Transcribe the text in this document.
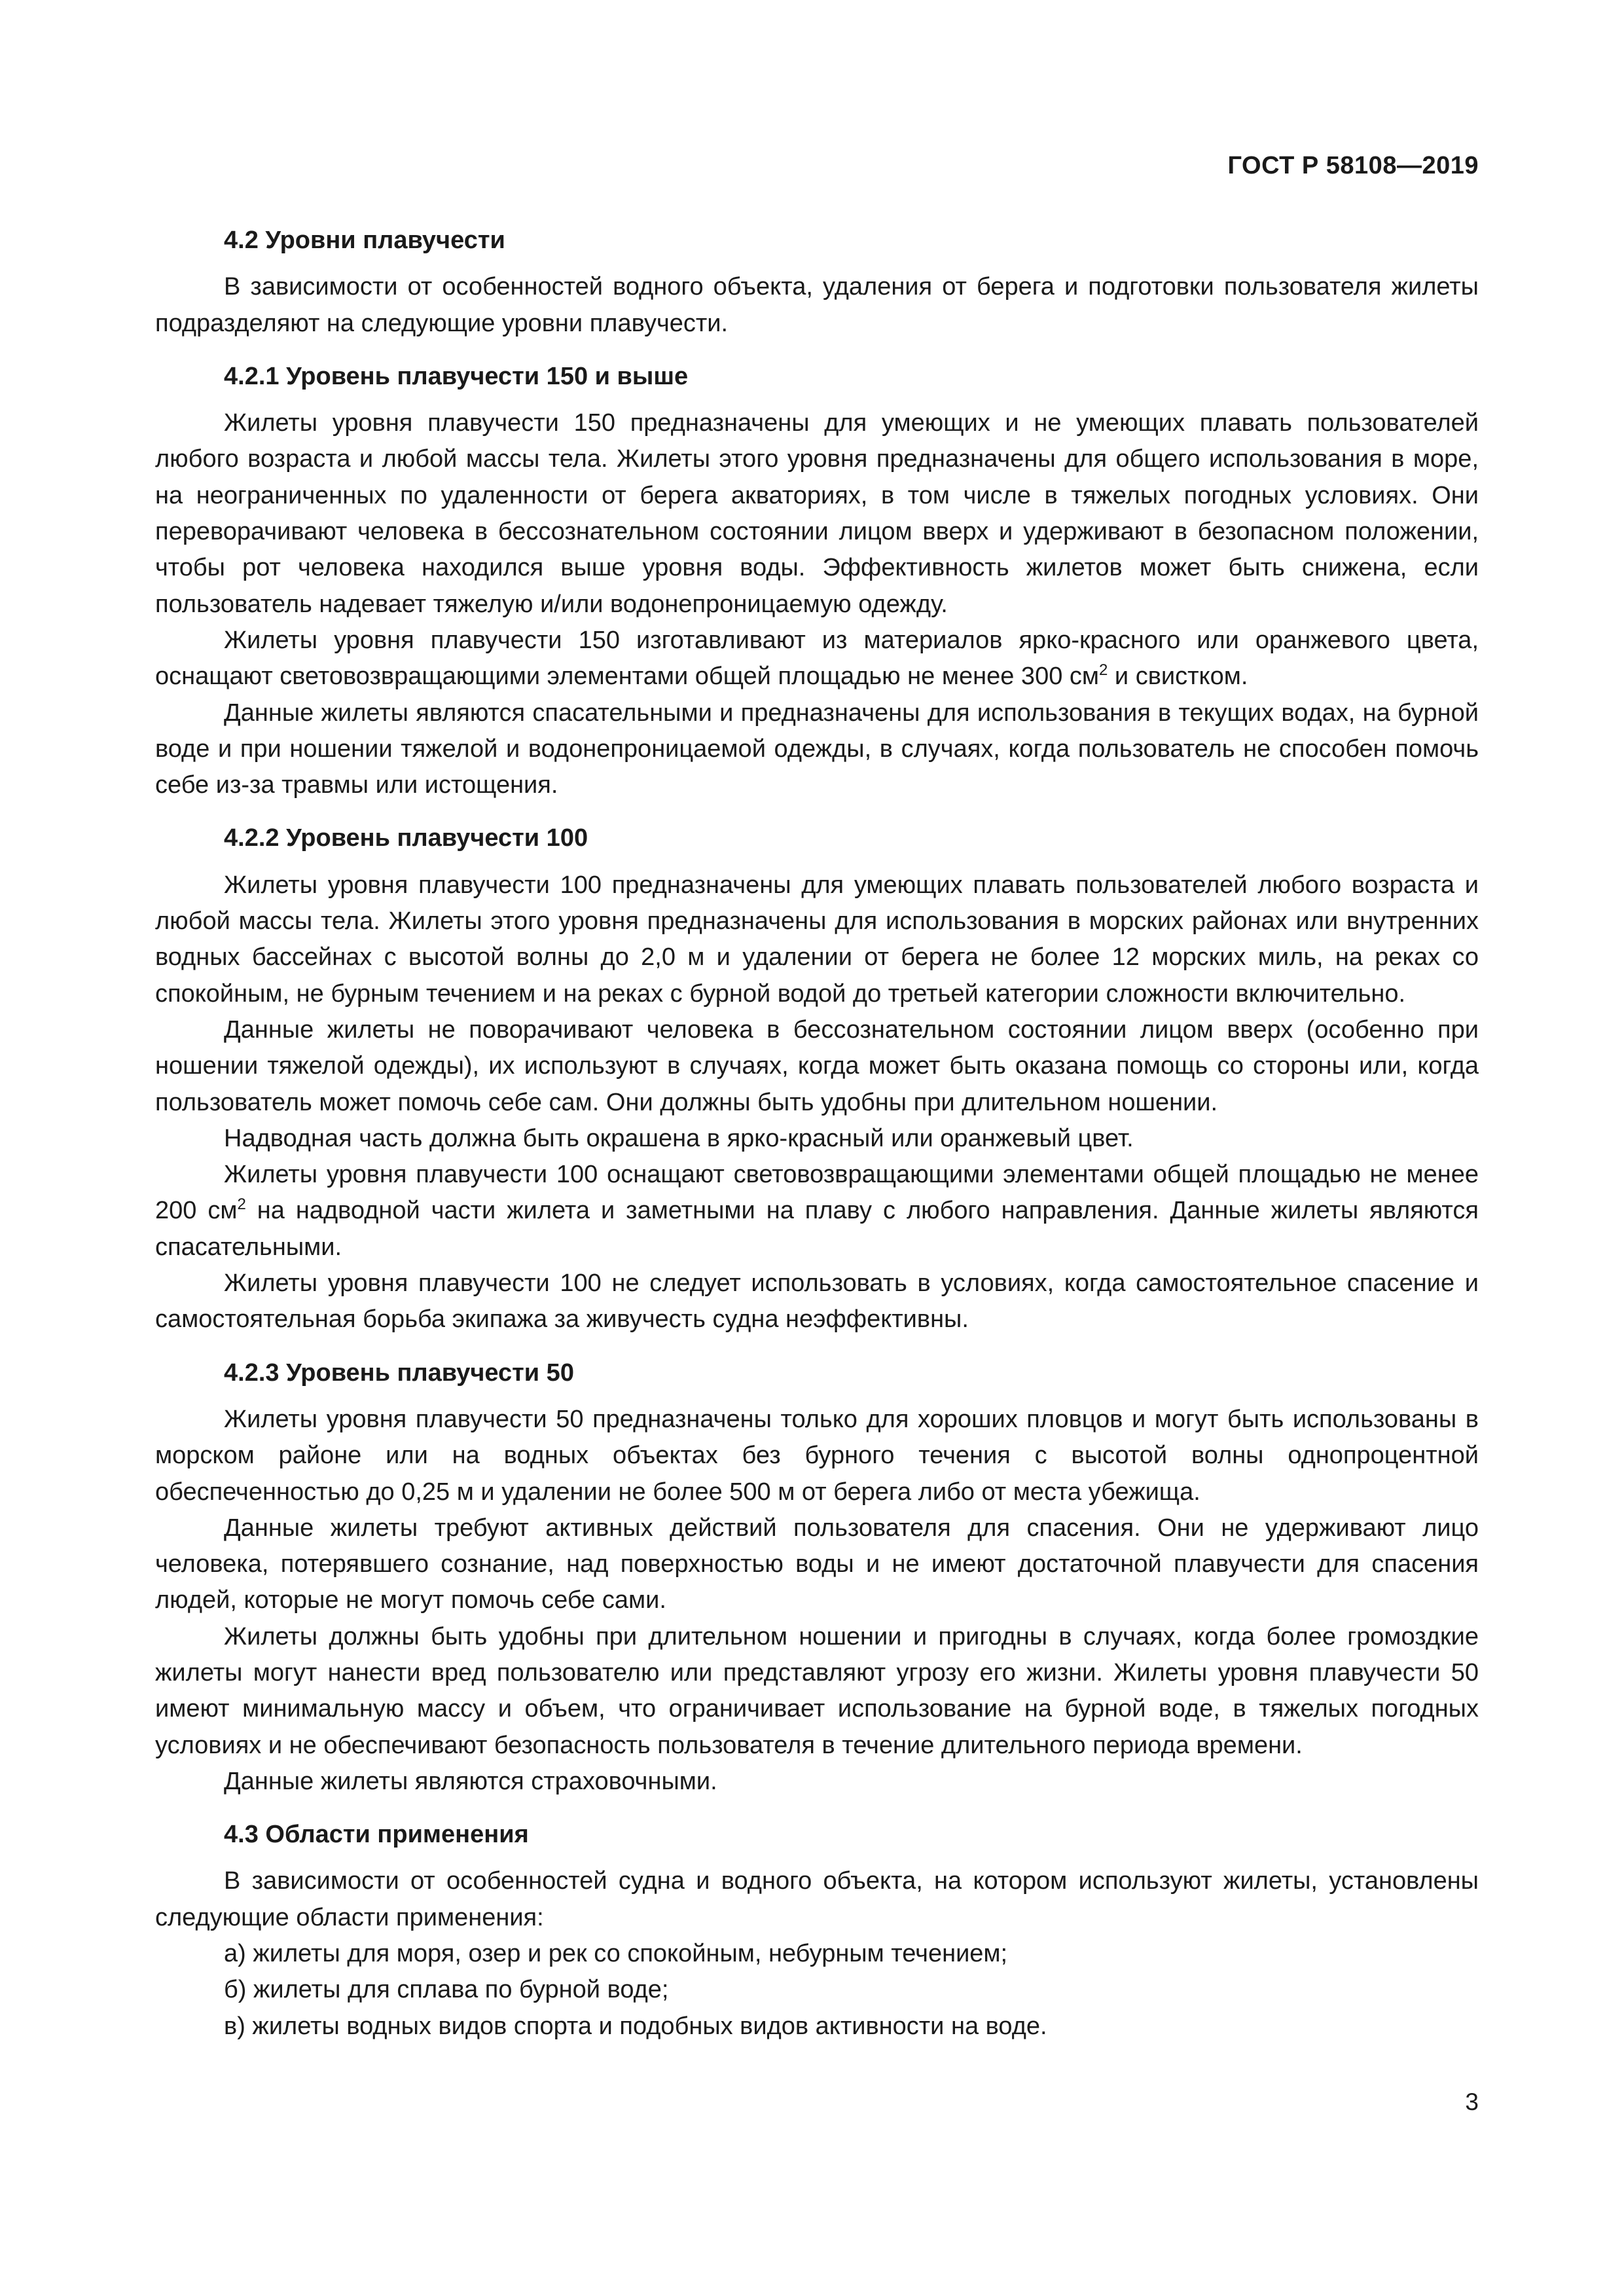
ГОСТ Р 58108—2019

4.2 Уровни плавучести

В зависимости от особенностей водного объекта, удаления от берега и подготовки пользователя жилеты подразделяют на следующие уровни плавучести.

4.2.1 Уровень плавучести 150 и выше

Жилеты уровня плавучести 150 предназначены для умеющих и не умеющих плавать пользователей любого возраста и любой массы тела. Жилеты этого уровня предназначены для общего использования в море, на неограниченных по удаленности от берега акваториях, в том числе в тяжелых погодных условиях. Они переворачивают человека в бессознательном состоянии лицом вверх и удерживают в безопасном положении, чтобы рот человека находился выше уровня воды. Эффективность жилетов может быть снижена, если пользователь надевает тяжелую и/или водонепроницаемую одежду.

Жилеты уровня плавучести 150 изготавливают из материалов ярко-красного или оранжевого цвета, оснащают световозвращающими элементами общей площадью не менее 300 $см^2$ и свистком.

Данные жилеты являются спасательными и предназначены для использования в текущих водах, на бурной воде и при ношении тяжелой и водонепроницаемой одежды, в случаях, когда пользователь не способен помочь себе из-за травмы или истощения.

4.2.2 Уровень плавучести 100

Жилеты уровня плавучести 100 предназначены для умеющих плавать пользователей любого возраста и любой массы тела. Жилеты этого уровня предназначены для использования в морских районах или внутренних водных бассейнах с высотой волны до 2,0 м и удалении от берега не более 12 морских миль, на реках со спокойным, не бурным течением и на реках с бурной водой до третьей категории сложности включительно.

Данные жилеты не поворачивают человека в бессознательном состоянии лицом вверх (особенно при ношении тяжелой одежды), их используют в случаях, когда может быть оказана помощь со стороны или, когда пользователь может помочь себе сам. Они должны быть удобны при длительном ношении.

Надводная часть должна быть окрашена в ярко-красный или оранжевый цвет.

Жилеты уровня плавучести 100 оснащают световозвращающими элементами общей площадью не менее 200 $см^2$ на надводной части жилета и заметными на плаву с любого направления. Данные жилеты являются спасательными.

Жилеты уровня плавучести 100 не следует использовать в условиях, когда самостоятельное спасение и самостоятельная борьба экипажа за живучесть судна неэффективны.

4.2.3 Уровень плавучести 50

Жилеты уровня плавучести 50 предназначены только для хороших пловцов и могут быть использованы в морском районе или на водных объектах без бурного течения с высотой волны однопроцентной обеспеченностью до 0,25 м и удалении не более 500 м от берега либо от места убежища.

Данные жилеты требуют активных действий пользователя для спасения. Они не удерживают лицо человека, потерявшего сознание, над поверхностью воды и не имеют достаточной плавучести для спасения людей, которые не могут помочь себе сами.

Жилеты должны быть удобны при длительном ношении и пригодны в случаях, когда более громоздкие жилеты могут нанести вред пользователю или представляют угрозу его жизни. Жилеты уровня плавучести 50 имеют минимальную массу и объем, что ограничивает использование на бурной воде, в тяжелых погодных условиях и не обеспечивают безопасность пользователя в течение длительного периода времени.

Данные жилеты являются страховочными.

4.3 Области применения

В зависимости от особенностей судна и водного объекта, на котором используют жилеты, установлены следующие области применения:

а) жилеты для моря, озер и рек со спокойным, небурным течением;

б) жилеты для сплава по бурной воде;

в) жилеты водных видов спорта и подобных видов активности на воде.

3
